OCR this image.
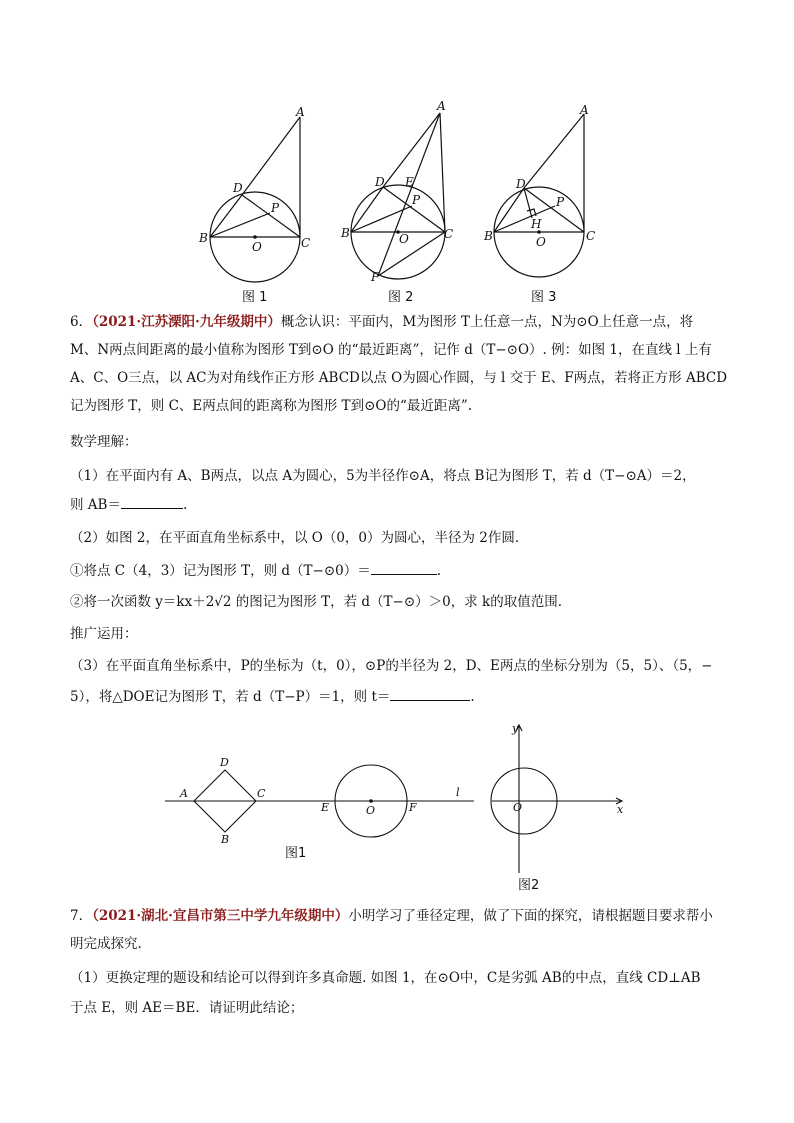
A
D
P
B
O	C
A
D E
P
B	O	C
F
A
D
P
H
B	O	C
图 1	图 2	图 3
6．（2021·江苏溧阳·九年级期中）概念认识：平面内，M为图形 T上任意一点，N为⊙O上任意一点，将
M、N两点间距离的最小值称为图形 T到⊙O 的“最近距离”，记作 d（T−⊙O）. 例：如图 1，在直线 l 上有
A、C、O三点，以 AC为对角线作正方形 ABCD以点 O为圆心作圆，与 l 交于 E、F两点，若将正方形 ABCD
记为图形 T，则 C、E两点间的距离称为图形 T到⊙O的“最近距离”.
数学理解：
（1）在平面内有 A、B两点，以点 A为圆心，5为半径作⊙A，将点 B记为图形 T，若 d（T−⊙A）＝2，
则 AB＝	.
（2）如图 2，在平面直角坐标系中，以 O（0，0）为圆心，半径为 2作圆.
①将点 C（4，3）记为图形 T，则 d（T−⊙0）＝	.
②将一次函数 y＝kx＋2√2 的图记为图形 T，若 d（T−⊙）＞0，求 k的取值范围.
推广运用：
（3）在平面直角坐标系中，P的坐标为（t，0），⊙P的半径为 2，D、E两点的坐标分别为（5，5）、（5，−
5），将△DOE记为图形 T，若 d（T−P）＝1，则 t＝	.
D
A	C
B
E	O	F
l
y
O	x
图1
图2
7．（2021·湖北·宜昌市第三中学九年级期中）小明学习了垂径定理，做了下面的探究，请根据题目要求帮小
明完成探究.
（1）更换定理的题设和结论可以得到许多真命题. 如图 1，在⊙O中，C是劣弧 AB的中点，直线 CD⊥AB
于点 E，则 AE＝BE．请证明此结论；
